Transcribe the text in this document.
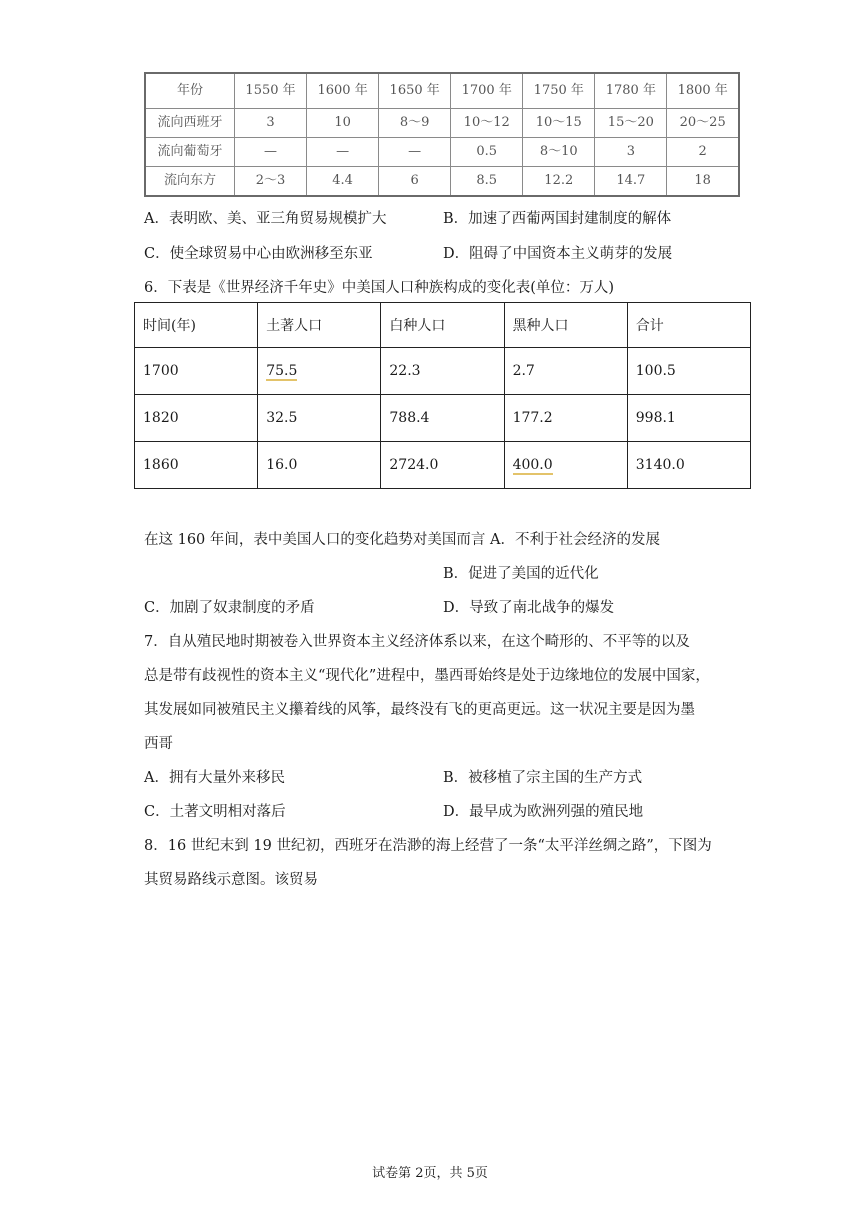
年份	1550 年	1600 年	1650 年	1700 年	1750 年	1780 年	1800 年
流向西班牙	3	10	8～9	10～12	10～15	15～20	20～25
流向葡萄牙	—	—	—	0.5	8～10	3	2
流向东方	2～3	4.4	6	8.5	12.2	14.7	18
A．表明欧、美、亚三角贸易规模扩大	B．加速了西葡两国封建制度的解体
C．使全球贸易中心由欧洲移至东亚	D．阻碍了中国资本主义萌芽的发展
6．下表是《世界经济千年史》中美国人口种族构成的变化表(单位：万人)
时间(年)	土著人口	白种人口	黑种人口	合计
1700	75.5	22.3	2.7	100.5
1820	32.5	788.4	177.2	998.1
1860	16.0	2724.0	400.0	3140.0
在这 160 年间，表中美国人口的变化趋势对美国而言 A．不利于社会经济的发展
B．促进了美国的近代化
C．加剧了奴隶制度的矛盾	D．导致了南北战争的爆发
7．自从殖民地时期被卷入世界资本主义经济体系以来，在这个畸形的、不平等的以及
总是带有歧视性的资本主义“现代化”进程中，墨西哥始终是处于边缘地位的发展中国家，
其发展如同被殖民主义攥着线的风筝，最终没有飞的更高更远。这一状况主要是因为墨
西哥
A．拥有大量外来移民	B．被移植了宗主国的生产方式
C．土著文明相对落后	D．最早成为欧洲列强的殖民地
8．16 世纪末到 19 世纪初，西班牙在浩渺的海上经营了一条“太平洋丝绸之路”，下图为
其贸易路线示意图。该贸易
试卷第 2页，共 5页
